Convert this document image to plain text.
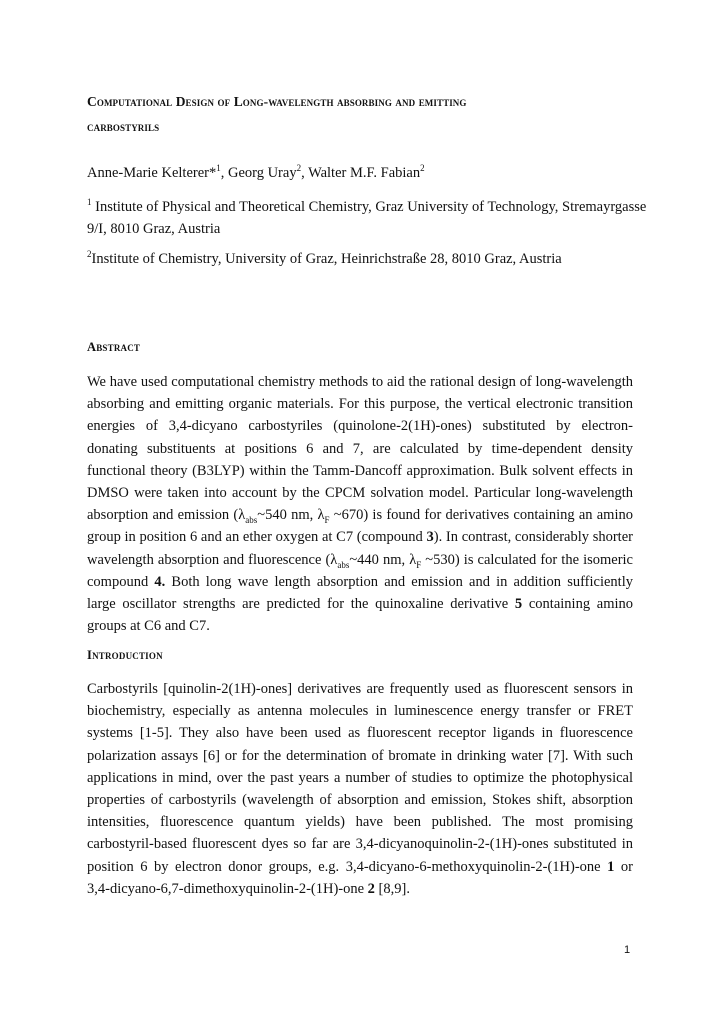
Computational Design of Long-wavelength absorbing and emitting
carbostyrils
Anne-Marie Kelterer*$^1$, Georg Uray$^2$, Walter M.F. Fabian$^2$
$^1$ Institute of Physical and Theoretical Chemistry, Graz University of Technology, Stremayrgasse 9/I, 8010 Graz, Austria
$^2$Institute of Chemistry, University of Graz, Heinrichstraße 28, 8010 Graz, Austria
Abstract
We have used computational chemistry methods to aid the rational design of long-wavelength absorbing and emitting organic materials. For this purpose, the vertical electronic transition energies of 3,4-dicyano carbostyriles (quinolone-2(1H)-ones) substituted by electron-donating substituents at positions 6 and 7, are calculated by time-dependent density functional theory (B3LYP) within the Tamm-Dancoff approximation. Bulk solvent effects in DMSO were taken into account by the CPCM solvation model. Particular long-wavelength absorption and emission ($\lambda_{abs}\sim 540$ nm, $\lambda_F$ ~670) is found for derivatives containing an amino group in position 6 and an ether oxygen at C7 (compound 3). In contrast, considerably shorter wavelength absorption and fluorescence ($\lambda_{abs}\sim 440$ nm, $\lambda_F$ ~530) is calculated for the isomeric compound 4. Both long wave length absorption and emission and in addition sufficiently large oscillator strengths are predicted for the quinoxaline derivative 5 containing amino groups at C6 and C7.
Introduction
Carbostyrils [quinolin-2(1H)-ones] derivatives are frequently used as fluorescent sensors in biochemistry, especially as antenna molecules in luminescence energy transfer or FRET systems [1-5]. They also have been used as fluorescent receptor ligands in fluorescence polarization assays [6] or for the determination of bromate in drinking water [7]. With such applications in mind, over the past years a number of studies to optimize the photophysical properties of carbostyrils (wavelength of absorption and emission, Stokes shift, absorption intensities, fluorescence quantum yields) have been published. The most promising carbostyril-based fluorescent dyes so far are 3,4-dicyanoquinolin-2-(1H)-ones substituted in position 6 by electron donor groups, e.g. 3,4-dicyano-6-methoxyquinolin-2-(1H)-one 1 or 3,4-dicyano-6,7-dimethoxyquinolin-2-(1H)-one 2 [8,9].
1
